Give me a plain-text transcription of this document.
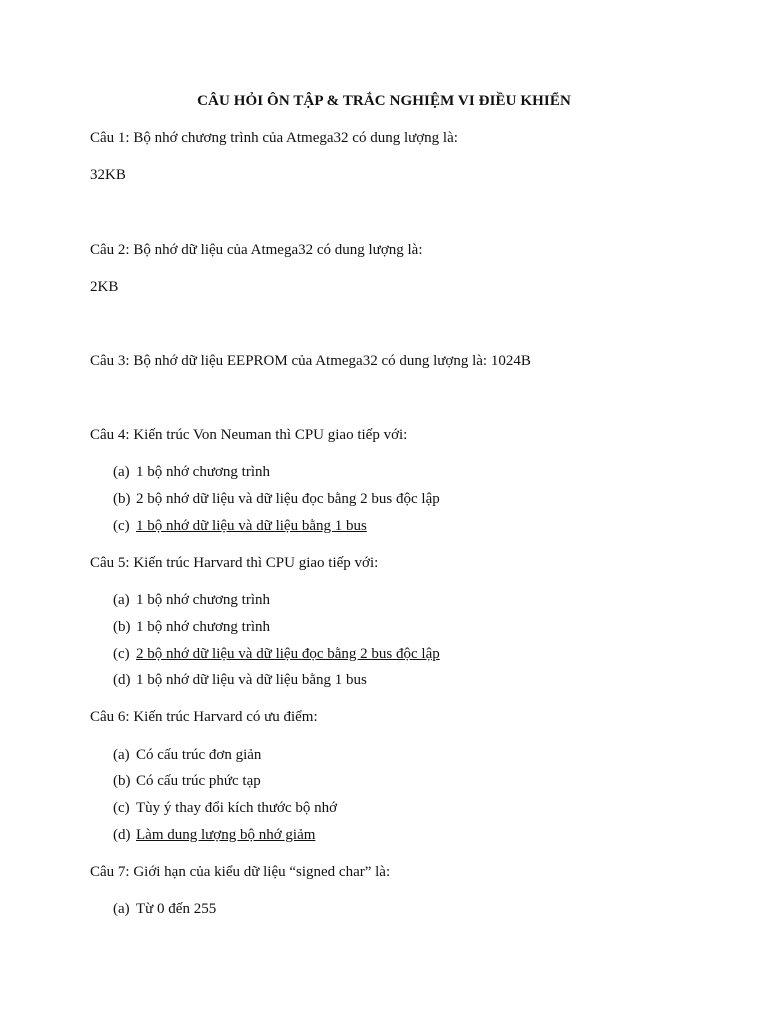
CÂU HỎI ÔN TẬP & TRẮC NGHIỆM VI ĐIỀU KHIỂN
Câu 1: Bộ nhớ chương trình của Atmega32 có dung lượng là:
32KB
Câu 2: Bộ nhớ dữ liệu của Atmega32 có dung lượng là:
2KB
Câu 3: Bộ nhớ dữ liệu EEPROM của Atmega32 có dung lượng là: 1024B
Câu 4: Kiến trúc Von Neuman thì CPU giao tiếp với:
(a) 1 bộ nhớ chương trình
(b) 2 bộ nhớ dữ liệu và dữ liệu đọc bằng 2 bus độc lập
(c) 1 bộ nhớ dữ liệu và dữ liệu bằng 1 bus
Câu 5: Kiến trúc Harvard thì CPU giao tiếp với:
(a) 1 bộ nhớ chương trình
(b) 1 bộ nhớ chương trình
(c) 2 bộ nhớ dữ liệu và dữ liệu đọc bằng 2 bus độc lập
(d) 1 bộ nhớ dữ liệu và dữ liệu bằng 1 bus
Câu 6: Kiến trúc Harvard có ưu điểm:
(a) Có cấu trúc đơn giản
(b) Có cấu trúc phức tạp
(c) Tùy ý thay đổi kích thước bộ nhớ
(d) Làm dung lượng bộ nhớ giảm
Câu 7: Giới hạn của kiểu dữ liệu “signed char” là:
(a) Từ 0 đến 255
